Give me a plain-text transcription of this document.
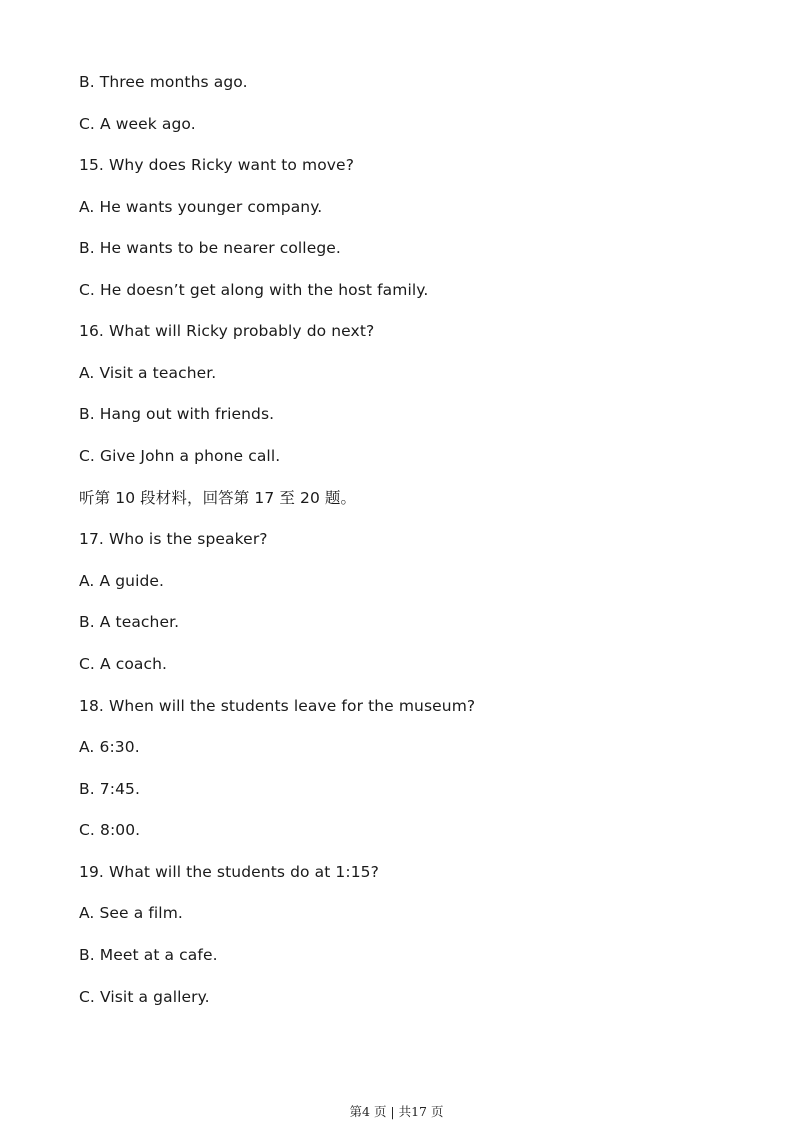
B. Three months ago.
C. A week ago.
15. Why does Ricky want to move?
A. He wants younger company.
B. He wants to be nearer college.
C. He doesn’t get along with the host family.
16. What will Ricky probably do next?
A. Visit a teacher.
B. Hang out with friends.
C. Give John a phone call.
听第 10 段材料，回答第 17 至 20 题。
17. Who is the speaker?
A. A guide.
B. A teacher.
C. A coach.
18. When will the students leave for the museum?
A. 6:30.
B. 7:45.
C. 8:00.
19. What will the students do at 1:15?
A. See a film.
B. Meet at a cafe.
C. Visit a gallery.
第4 页 | 共17 页
